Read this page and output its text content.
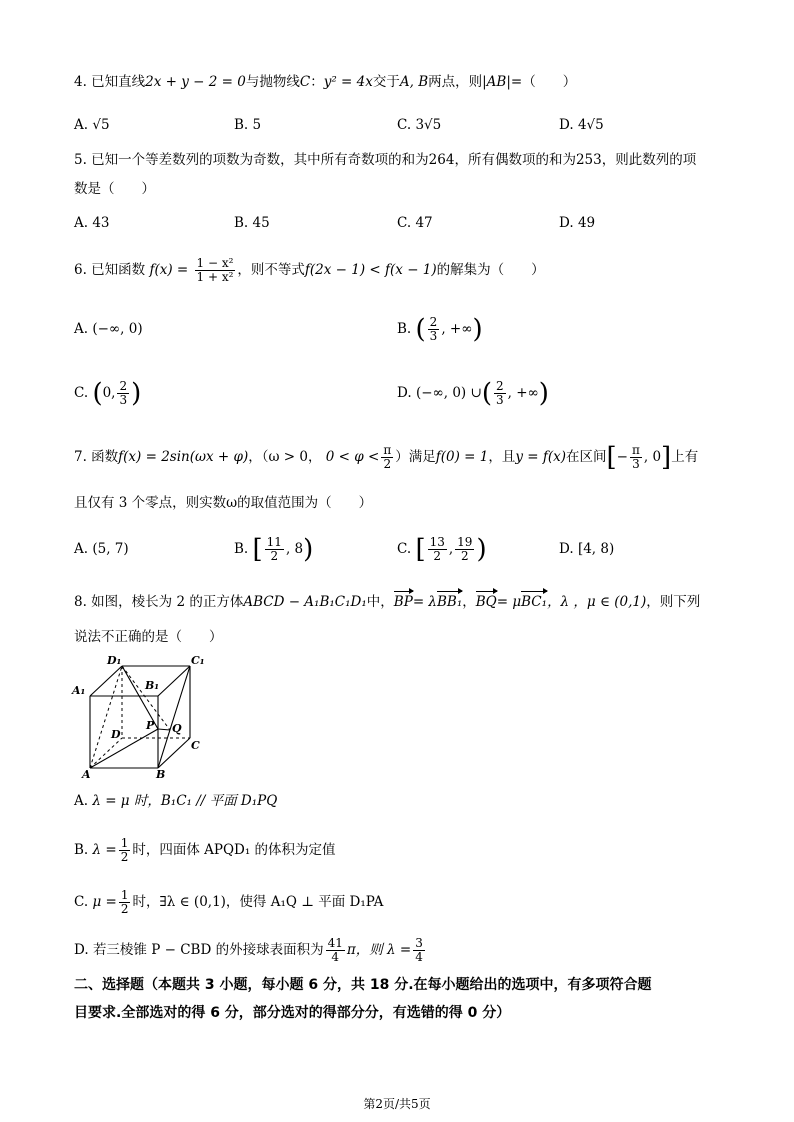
4. 已知直线2x + y − 2 = 0与抛物线C：y² = 4x交于A, B两点，则|AB|=（　　）
A. √5	B. 5	C. 3√5	D. 4√5
5. 已知一个等差数列的项数为奇数，其中所有奇数项的和为264，所有偶数项的和为253，则此数列的项
数是（　　）
A. 43	B. 45	C. 47	D. 49
6. 已知函数 $f(x) = \frac{\text{1 − x²}}{\text{1 + x²}}$ ，则不等式f(2x − 1) < f(x − 1)的解集为（　　）
A. (−∞, 0)	B. ( $\frac{2}{3}$ , +∞)
C. (0, $\frac{2}{3}$ )	D. (−∞, 0) ∪( $\frac{2}{3}$ , +∞)
7. 函数f(x) = 2sin(ωx + φ)，（ω > 0， $0 < \varphi < \frac{\pi}{2}$ ）满足f(0) = 1，且y = f(x)在区间[− $\frac{\pi}{3}$ , 0]上有
且仅有 3 个零点，则实数ω的取值范围为（　　）
A. (5, 7)	B. [ $\frac{11}{2}$ , 8)	C. [ $\frac{13}{2}$ , $\frac{19}{2}$ )	D. [4, 8)
8. 如图，棱长为 2 的正方体ABCD − A₁B₁C₁D₁中，BP= λBB₁，BQ= μBC₁，λ ，μ ∈ (0,1)，则下列
说法不正确的是（　　）
D₁	C₁
A₁	B₁
D
P Q
C
A	B
A. λ = μ 时，B₁C₁ // 平面 D₁PQ
B. $\lambda = \frac{1}{2}$ 时，四面体 APQD₁ 的体积为定值
C. $\mu = \frac{1}{2}$ 时，∃λ ∈ (0,1)，使得 A₁Q ⊥ 平面 D₁PA
D. 若三棱锥 P − CBD 的外接球表面积为 $\frac{41}{4}$ π，则 $\lambda = \frac{3}{4}$
二、选择题（本题共 3 小题，每小题 6 分，共 18 分.在每小题给出的选项中，有多项符合题
目要求.全部选对的得 6 分，部分选对的得部分分，有选错的得 0 分）
第2页/共5页
